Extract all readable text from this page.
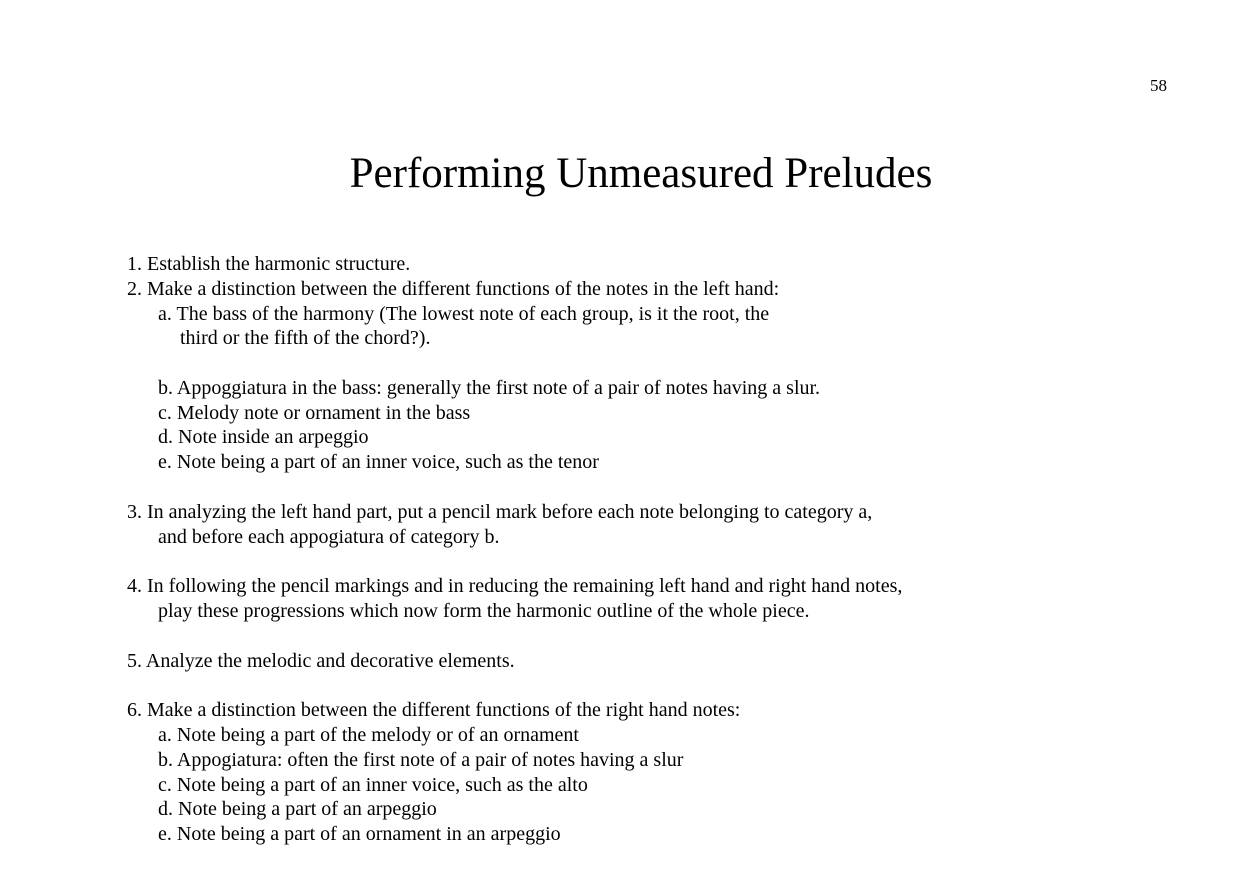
58
Performing Unmeasured Preludes
1. Establish the harmonic structure.
2. Make a distinction between the different functions of the notes in the left hand:
a. The bass of the harmony (The lowest note of each group, is it the root, the
third or the fifth of the chord?).
b. Appoggiatura in the bass: generally the first note of a pair of notes having a slur.
c. Melody note or ornament in the bass
d. Note inside an arpeggio
e. Note being a part of an inner voice, such as the tenor
3. In analyzing the left hand part, put a pencil mark before each note belonging to category a,
and before each appogiatura of category b.
4. In following the pencil markings and in reducing the remaining left hand and right hand notes,
play these progressions which now form the harmonic outline of the whole piece.
5. Analyze the melodic and decorative elements.
6. Make a distinction between the different functions of the right hand notes:
a. Note being a part of the melody or of an ornament
b. Appogiatura: often the first note of a pair of notes having a slur
c. Note being a part of an inner voice, such as the alto
d. Note being a part of an arpeggio
e. Note being a part of an ornament in an arpeggio
